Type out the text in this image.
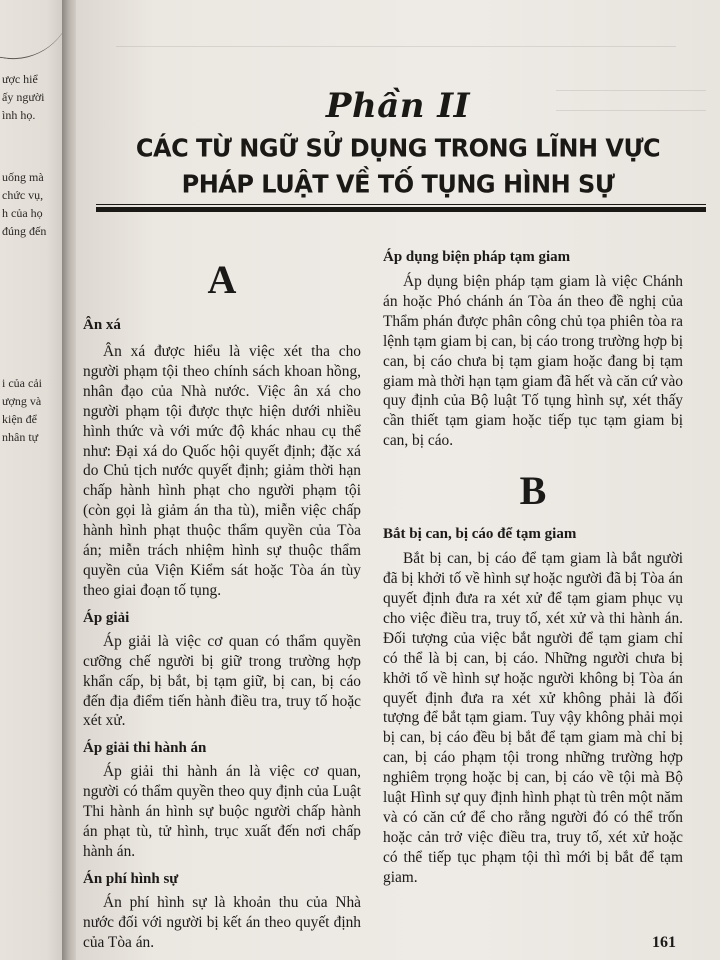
ược hiể
ấy người
ình họ.
uống mà
chức vụ,
h của họ
đúng đến
i của cải
ượng và
kiện để
nhân tự
Phần II
CÁC TỪ NGỮ SỬ DỤNG TRONG LĨNH VỰC
PHÁP LUẬT VỀ TỐ TỤNG HÌNH SỰ
A
Ân xá

Ân xá được hiểu là việc xét tha cho người phạm tội theo chính sách khoan hồng, nhân đạo của Nhà nước. Việc ân xá cho người phạm tội được thực hiện dưới nhiều hình thức và với mức độ khác nhau cụ thể như: Đại xá do Quốc hội quyết định; đặc xá do Chủ tịch nước quyết định; giảm thời hạn chấp hành hình phạt cho người phạm tội (còn gọi là giảm án tha tù), miễn việc chấp hành hình phạt thuộc thẩm quyền của Tòa án; miễn trách nhiệm hình sự thuộc thẩm quyền của Viện Kiểm sát hoặc Tòa án tùy theo giai đoạn tố tụng.

Áp giải

Áp giải là việc cơ quan có thẩm quyền cưỡng chế người bị giữ trong trường hợp khẩn cấp, bị bắt, bị tạm giữ, bị can, bị cáo đến địa điểm tiến hành điều tra, truy tố hoặc xét xử.

Áp giải thi hành án

Áp giải thi hành án là việc cơ quan, người có thẩm quyền theo quy định của Luật Thi hành án hình sự buộc người chấp hành án phạt tù, tử hình, trục xuất đến nơi chấp hành án.

Án phí hình sự

Án phí hình sự là khoản thu của Nhà nước đối với người bị kết án theo quyết định của Tòa án.

Áp dụng biện pháp tạm giam

Áp dụng biện pháp tạm giam là việc Chánh án hoặc Phó chánh án Tòa án theo đề nghị của Thẩm phán được phân công chủ tọa phiên tòa ra lệnh tạm giam bị can, bị cáo trong trường hợp bị can, bị cáo chưa bị tạm giam hoặc đang bị tạm giam mà thời hạn tạm giam đã hết và căn cứ vào quy định của Bộ luật Tố tụng hình sự, xét thấy cần thiết tạm giam hoặc tiếp tục tạm giam bị can, bị cáo.

B
Bắt bị can, bị cáo để tạm giam

Bắt bị can, bị cáo để tạm giam là bắt người đã bị khởi tố về hình sự hoặc người đã bị Tòa án quyết định đưa ra xét xử để tạm giam phục vụ cho việc điều tra, truy tố, xét xử và thi hành án. Đối tượng của việc bắt người để tạm giam chỉ có thể là bị can, bị cáo. Những người chưa bị khởi tố về hình sự hoặc người không bị Tòa án quyết định đưa ra xét xử không phải là đối tượng để bắt tạm giam. Tuy vậy không phải mọi bị can, bị cáo đều bị bắt để tạm giam mà chỉ bị can, bị cáo phạm tội trong những trường hợp nghiêm trọng hoặc bị can, bị cáo về tội mà Bộ luật Hình sự quy định hình phạt tù trên một năm và có căn cứ để cho rằng người đó có thể trốn hoặc cản trở việc điều tra, truy tố, xét xử hoặc có thể tiếp tục phạm tội thì mới bị bắt để tạm giam.

161
